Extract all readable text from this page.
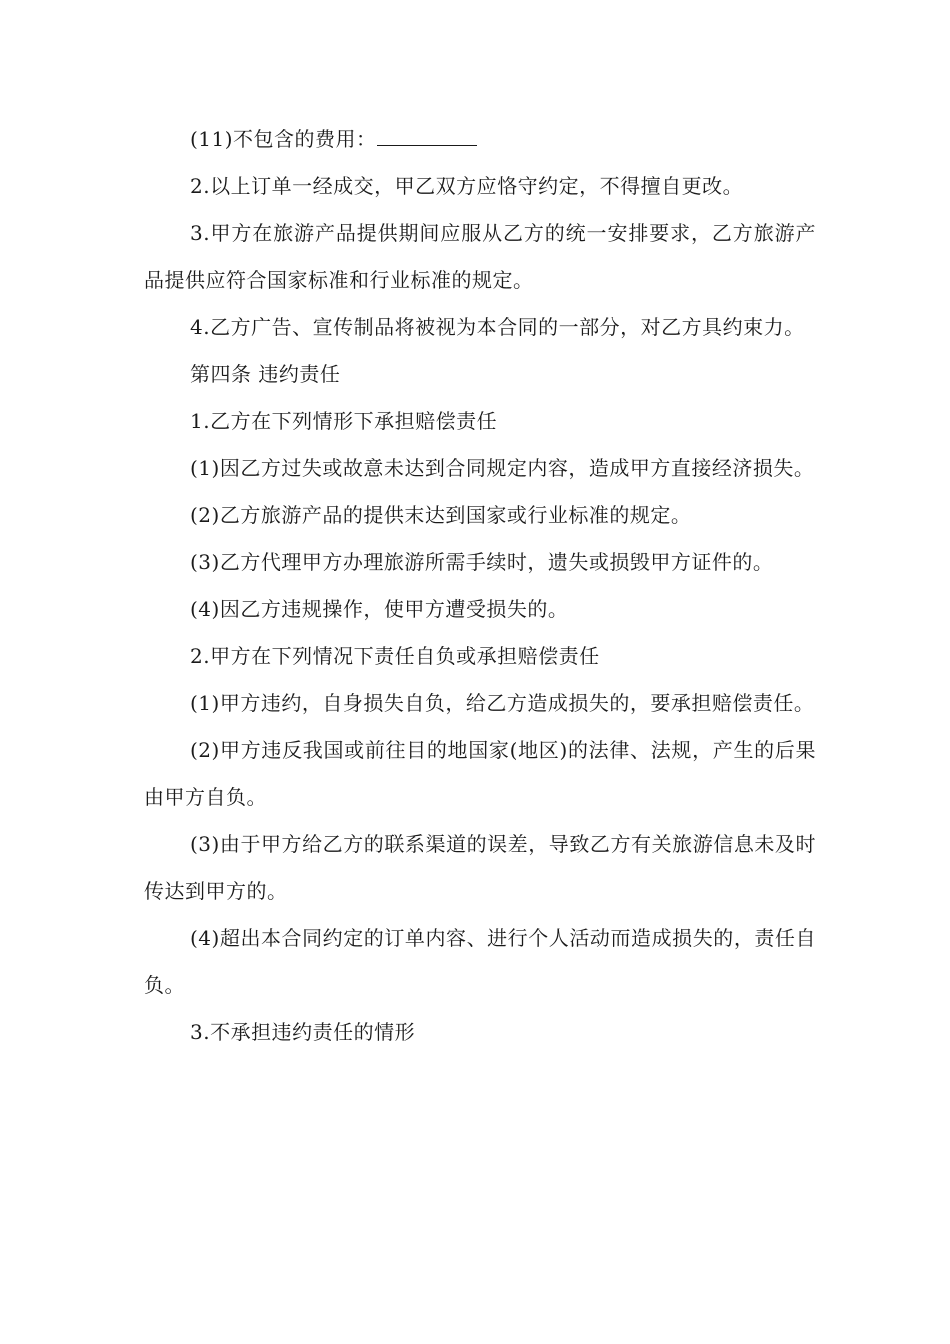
(11)不包含的费用：

2.以上订单一经成交，甲乙双方应恪守约定，不得擅自更改。

3.甲方在旅游产品提供期间应服从乙方的统一安排要求，乙方旅游产品提供应符合国家标准和行业标准的规定。

4.乙方广告、宣传制品将被视为本合同的一部分，对乙方具约束力。

第四条 违约责任

1.乙方在下列情形下承担赔偿责任

(1)因乙方过失或故意未达到合同规定内容，造成甲方直接经济损失。

(2)乙方旅游产品的提供末达到国家或行业标准的规定。

(3)乙方代理甲方办理旅游所需手续时，遗失或损毁甲方证件的。

(4)因乙方违规操作，使甲方遭受损失的。

2.甲方在下列情况下责任自负或承担赔偿责任

(1)甲方违约，自身损失自负，给乙方造成损失的，要承担赔偿责任。

(2)甲方违反我国或前往目的地国家(地区)的法律、法规，产生的后果由甲方自负。

(3)由于甲方给乙方的联系渠道的误差，导致乙方有关旅游信息未及时传达到甲方的。

(4)超出本合同约定的订单内容、进行个人活动而造成损失的，责任自负。

3.不承担违约责任的情形
